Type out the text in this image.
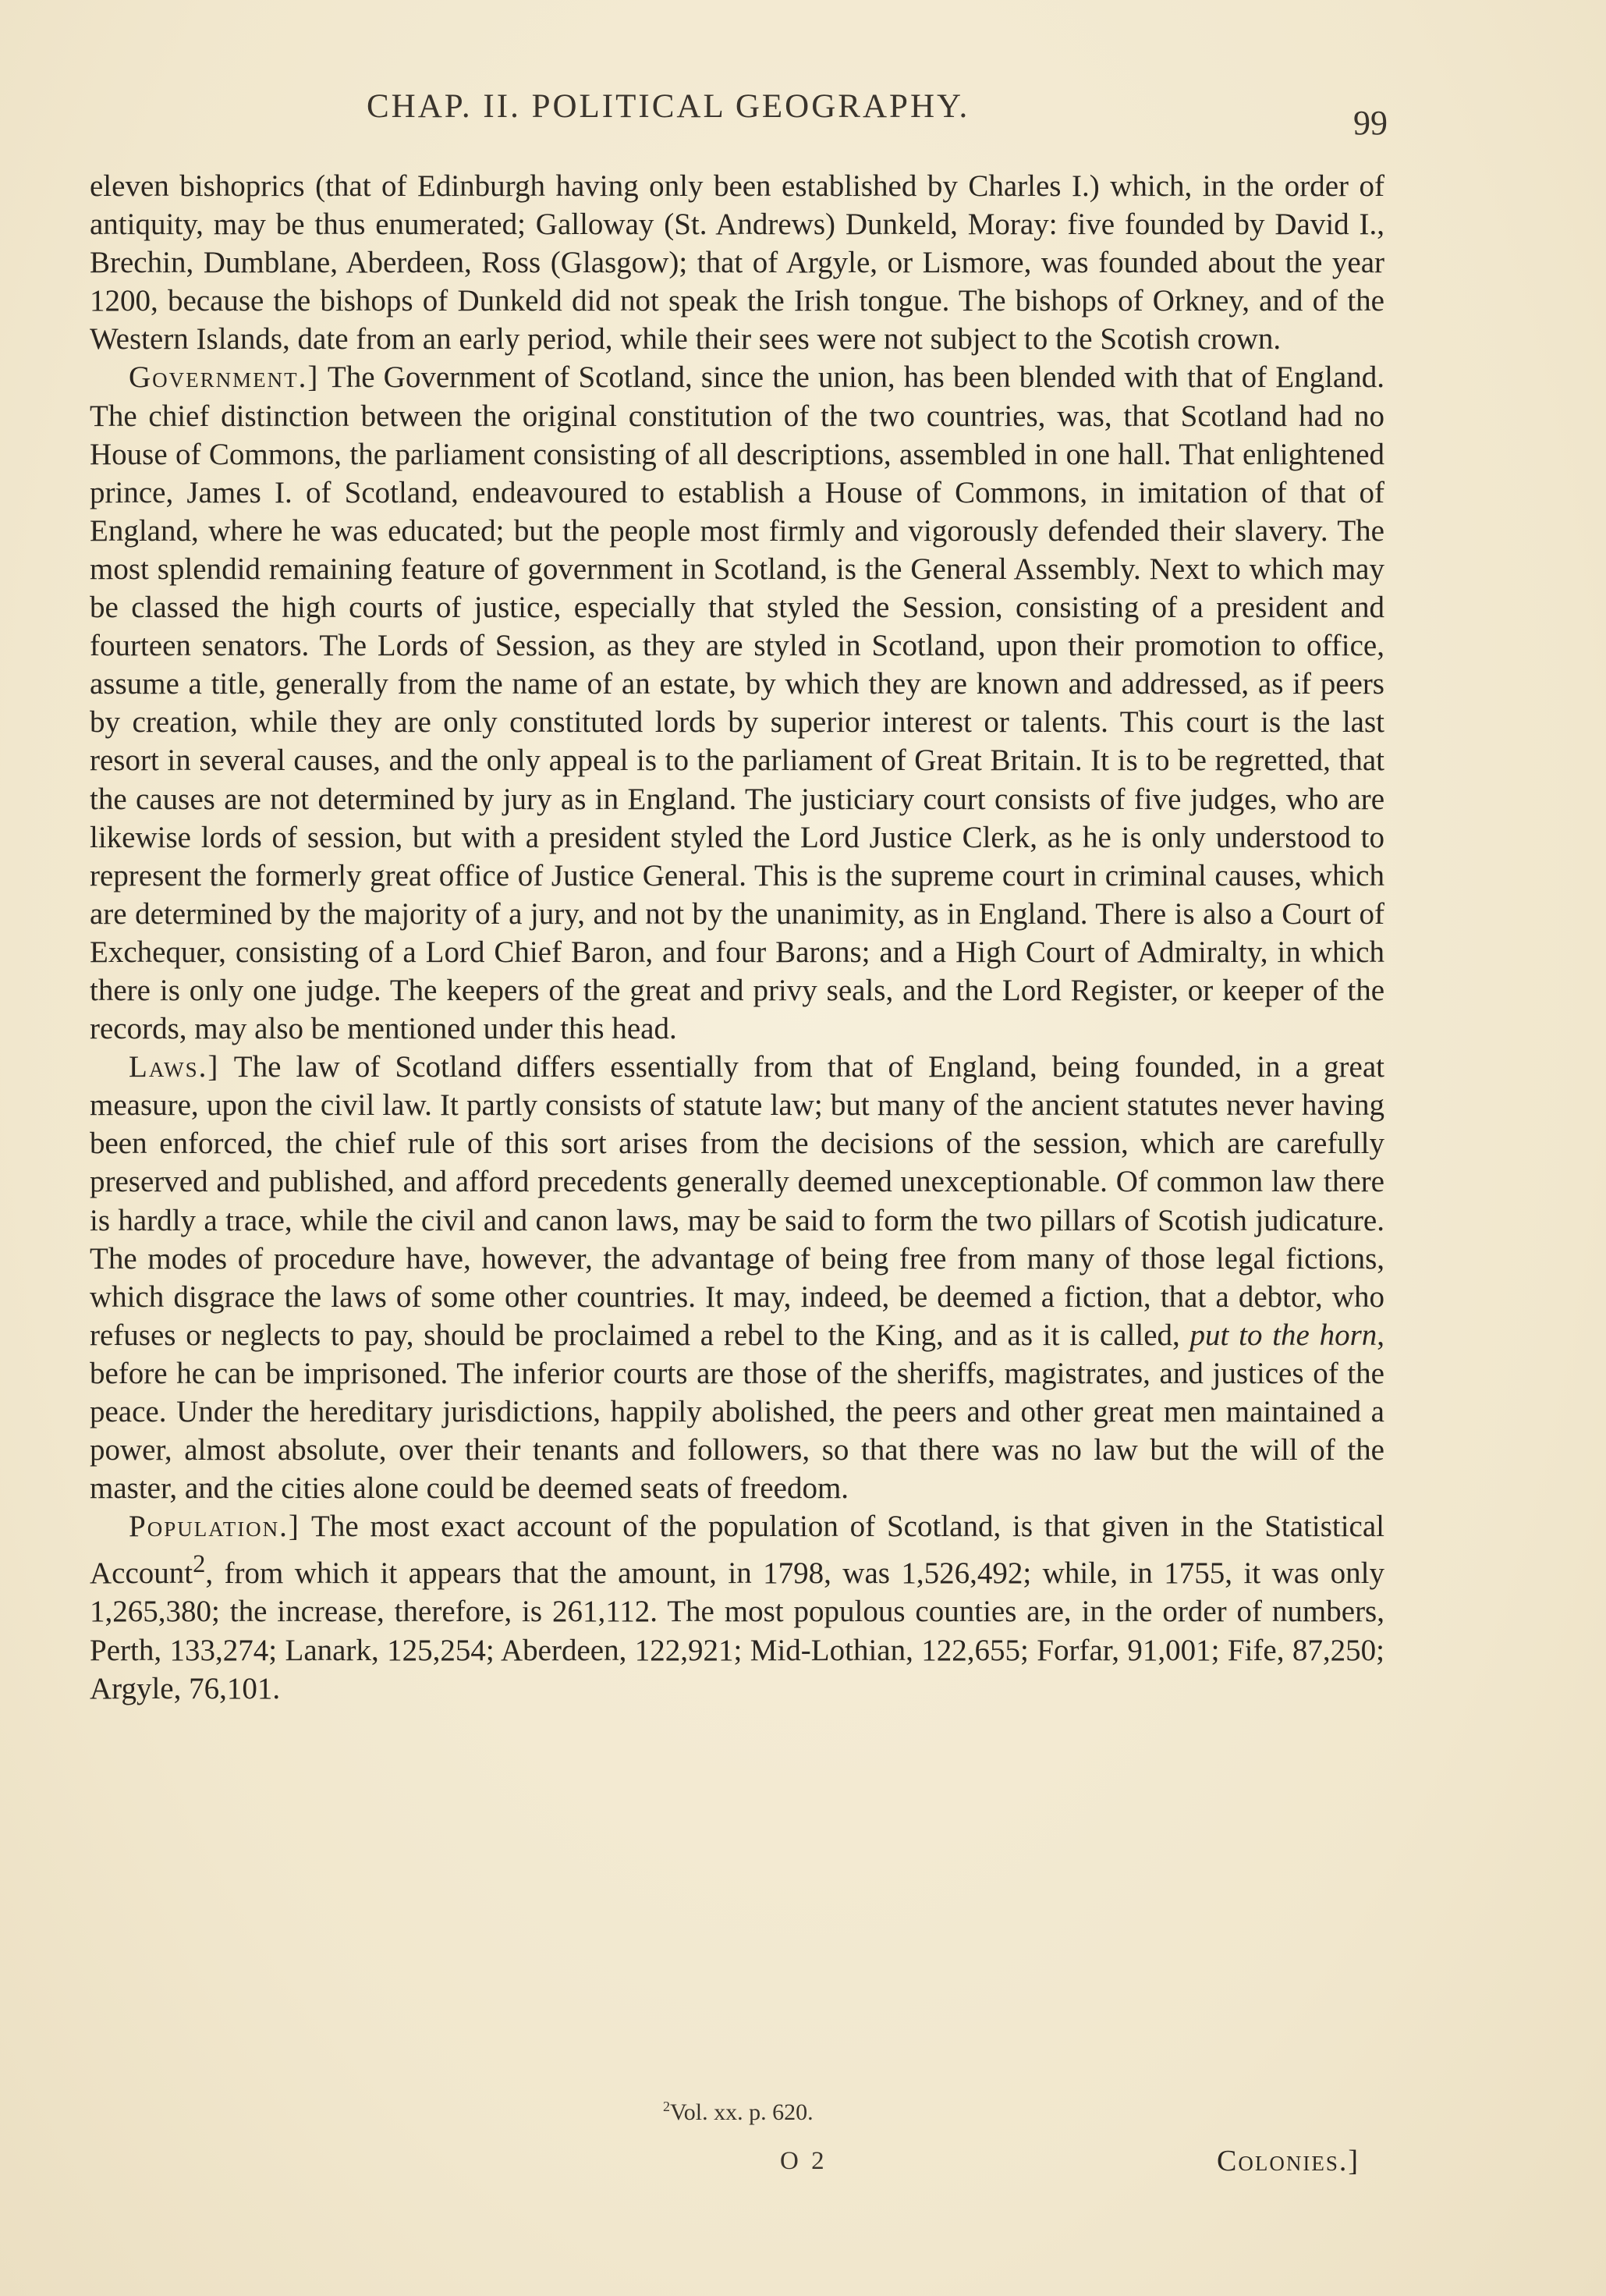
CHAP. II. POLITICAL GEOGRAPHY.	99

eleven bishoprics (that of Edinburgh having only been established by Charles I.) which, in the order of antiquity, may be thus enumerated; Galloway (St. Andrews) Dunkeld, Moray: five founded by David I., Brechin, Dumblane, Aberdeen, Ross (Glasgow); that of Argyle, or Lismore, was founded about the year 1200, because the bishops of Dunkeld did not speak the Irish tongue. The bishops of Orkney, and of the Western Islands, date from an early period, while their sees were not subject to the Scotish crown.

Government.] The Government of Scotland, since the union, has been blended with that of England. The chief distinction between the original constitution of the two countries, was, that Scotland had no House of Commons, the parliament consisting of all descriptions, assembled in one hall. That enlightened prince, James I. of Scotland, endeavoured to establish a House of Commons, in imitation of that of England, where he was educated; but the people most firmly and vigorously defended their slavery. The most splendid remaining feature of government in Scotland, is the General Assembly. Next to which may be classed the high courts of justice, especially that styled the Session, consisting of a president and fourteen senators. The Lords of Session, as they are styled in Scotland, upon their promotion to office, assume a title, generally from the name of an estate, by which they are known and addressed, as if peers by creation, while they are only constituted lords by superior interest or talents. This court is the last resort in several causes, and the only appeal is to the parliament of Great Britain. It is to be regretted, that the causes are not determined by jury as in England. The justiciary court consists of five judges, who are likewise lords of session, but with a president styled the Lord Justice Clerk, as he is only understood to represent the formerly great office of Justice General. This is the supreme court in criminal causes, which are determined by the majority of a jury, and not by the unanimity, as in England. There is also a Court of Exchequer, consisting of a Lord Chief Baron, and four Barons; and a High Court of Admiralty, in which there is only one judge. The keepers of the great and privy seals, and the Lord Register, or keeper of the records, may also be mentioned under this head.

Laws.] The law of Scotland differs essentially from that of England, being founded, in a great measure, upon the civil law. It partly consists of statute law; but many of the ancient statutes never having been enforced, the chief rule of this sort arises from the decisions of the session, which are carefully preserved and published, and afford precedents generally deemed unexceptionable. Of common law there is hardly a trace, while the civil and canon laws, may be said to form the two pillars of Scotish judicature. The modes of procedure have, however, the advantage of being free from many of those legal fictions, which disgrace the laws of some other countries. It may, indeed, be deemed a fiction, that a debtor, who refuses or neglects to pay, should be proclaimed a rebel to the King, and as it is called, put to the horn, before he can be imprisoned. The inferior courts are those of the sheriffs, magistrates, and justices of the peace. Under the hereditary jurisdictions, happily abolished, the peers and other great men maintained a power, almost absolute, over their tenants and followers, so that there was no law but the will of the master, and the cities alone could be deemed seats of freedom.

Population.] The most exact account of the population of Scotland, is that given in the Statistical Account$^2$, from which it appears that the amount, in 1798, was 1,526,492; while, in 1755, it was only 1,265,380; the increase, therefore, is 261,112. The most populous counties are, in the order of numbers, Perth, 133,274; Lanark, 125,254; Aberdeen, 122,921; Mid-Lothian, 122,655; Forfar, 91,001; Fife, 87,250; Argyle, 76,101.

$^2$Vol. xx. p. 620.
O 2	Colonies.]
